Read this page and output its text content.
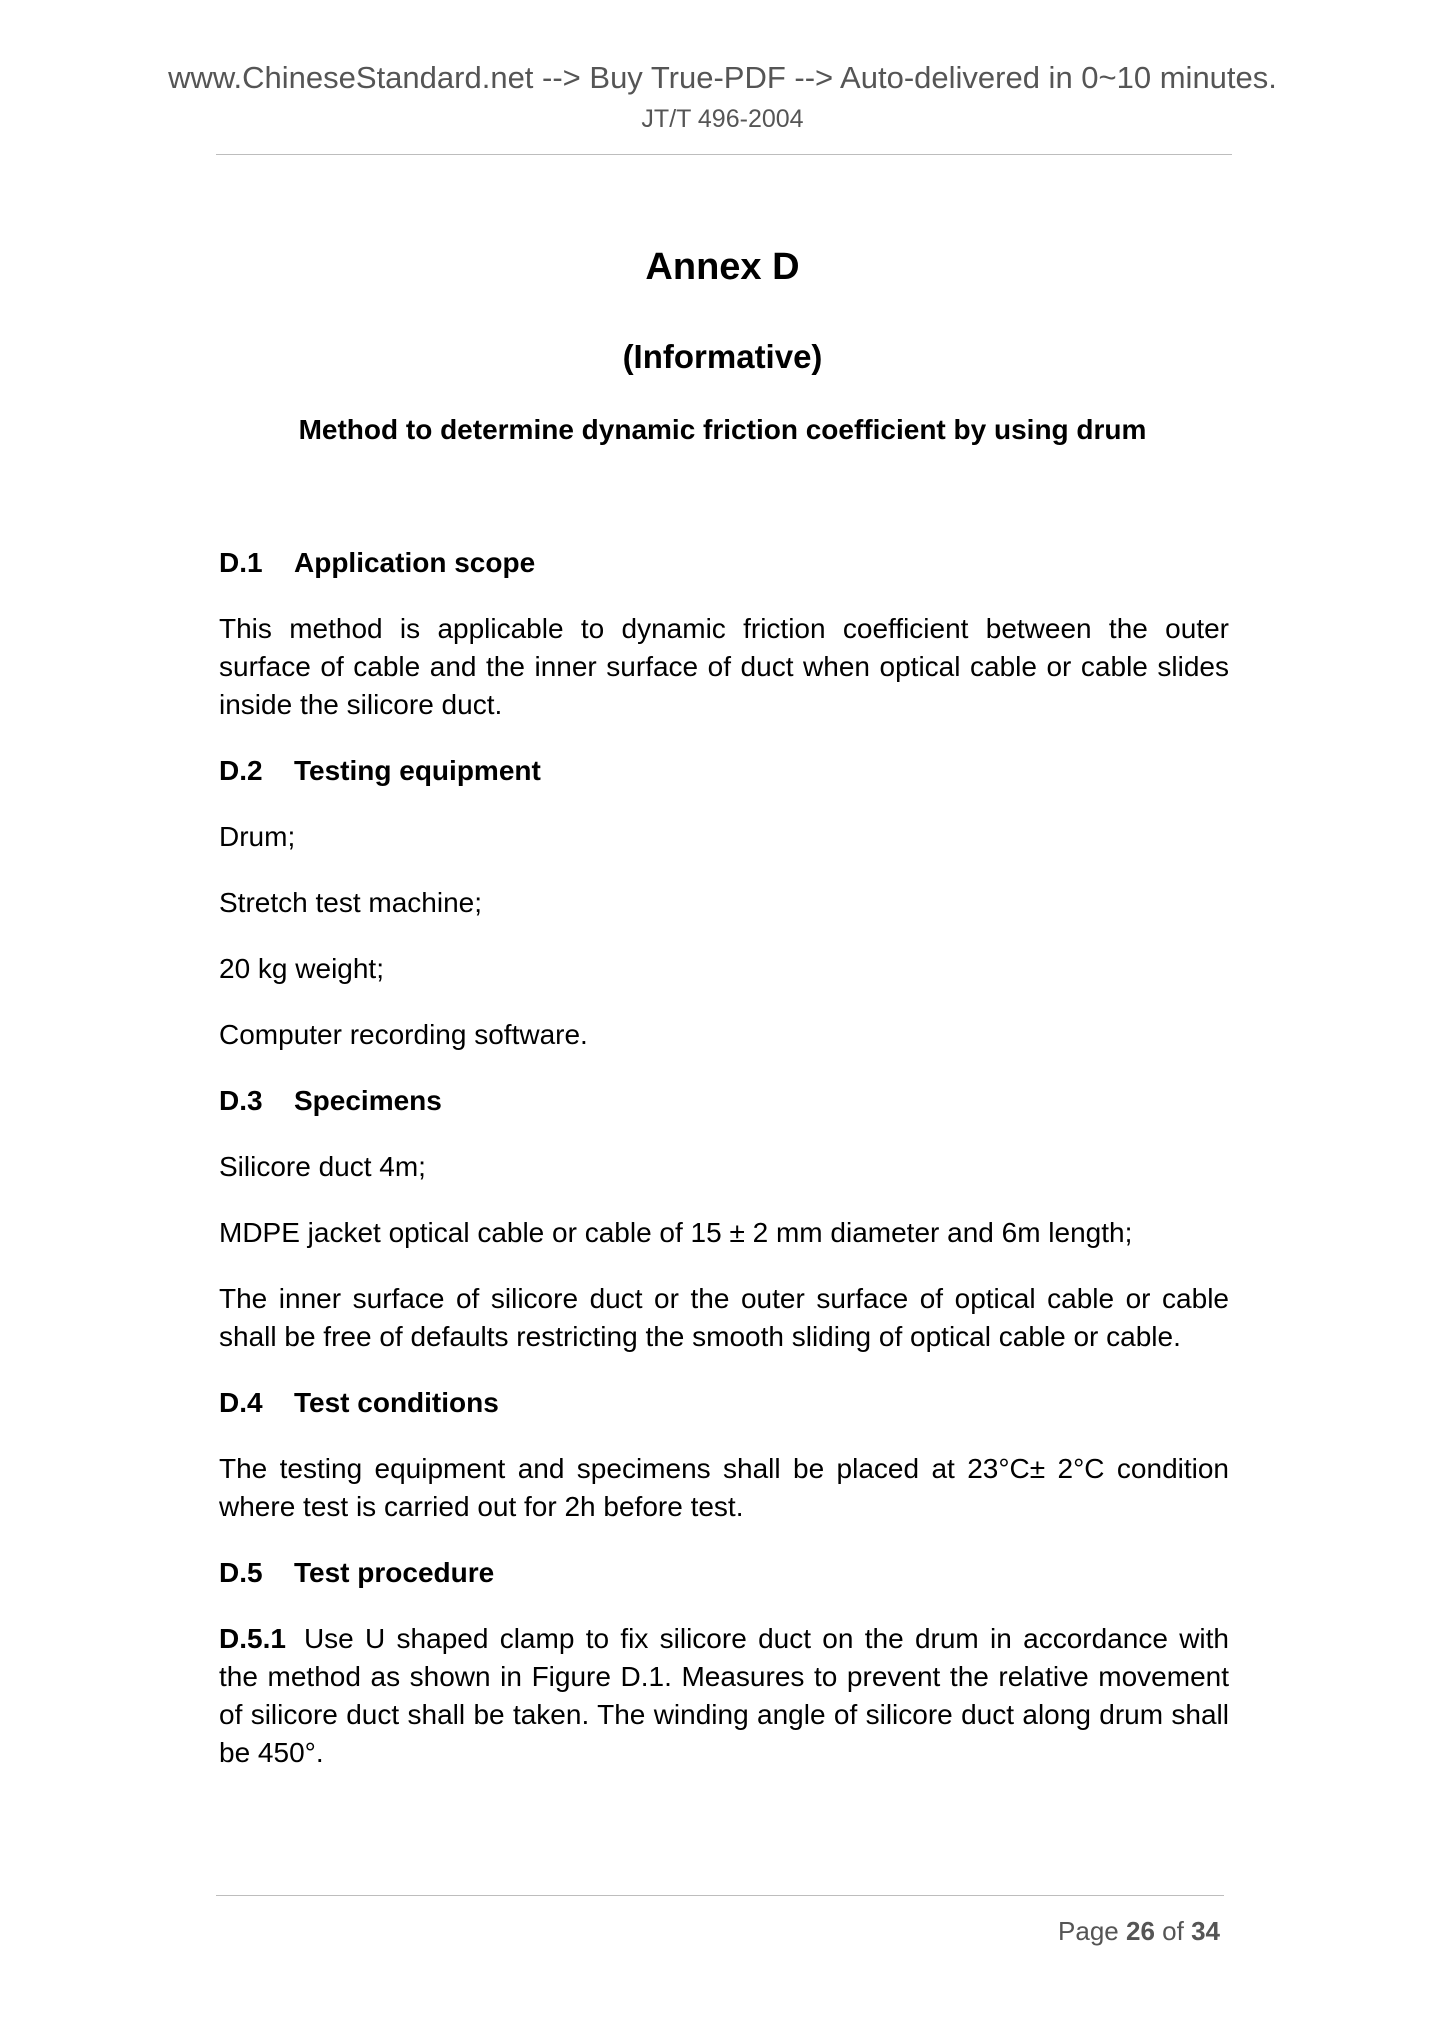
www.ChineseStandard.net --> Buy True-PDF --> Auto-delivered in 0~10 minutes.
JT/T 496-2004
Annex D
(Informative)
Method to determine dynamic friction coefficient by using drum
D.1 Application scope
This method is applicable to dynamic friction coefficient between the outer surface of cable and the inner surface of duct when optical cable or cable slides inside the silicore duct.
D.2 Testing equipment
Drum;
Stretch test machine;
20 kg weight;
Computer recording software.
D.3 Specimens
Silicore duct 4m;
MDPE jacket optical cable or cable of 15 ± 2 mm diameter and 6m length;
The inner surface of silicore duct or the outer surface of optical cable or cable shall be free of defaults restricting the smooth sliding of optical cable or cable.
D.4 Test conditions
The testing equipment and specimens shall be placed at 23°C± 2°C condition where test is carried out for 2h before test.
D.5 Test procedure
D.5.1 Use U shaped clamp to fix silicore duct on the drum in accordance with the method as shown in Figure D.1. Measures to prevent the relative movement of silicore duct shall be taken. The winding angle of silicore duct along drum shall be 450°.
Page 26 of 34
